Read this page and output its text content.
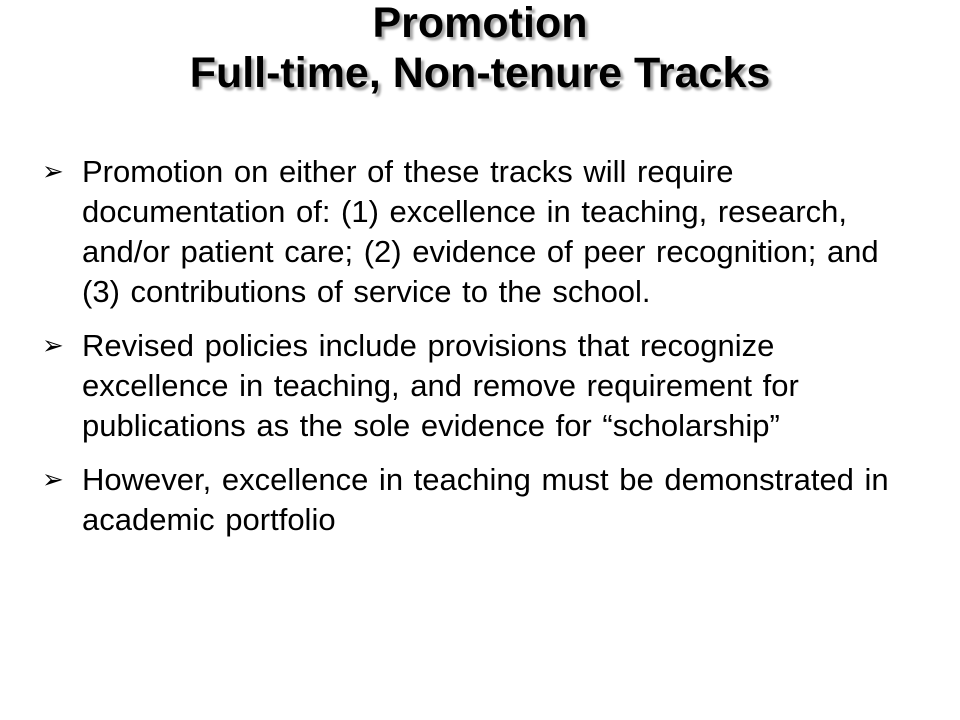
Promotion
Full-time, Non-tenure Tracks
➢ Promotion on either of these tracks will require documentation of: (1) excellence in teaching, research, and/or patient care; (2) evidence of peer recognition; and (3) contributions of service to the school.
➢ Revised policies include provisions that recognize excellence in teaching, and remove requirement for publications as the sole evidence for “scholarship”
➢ However, excellence in teaching must be demonstrated in academic portfolio
